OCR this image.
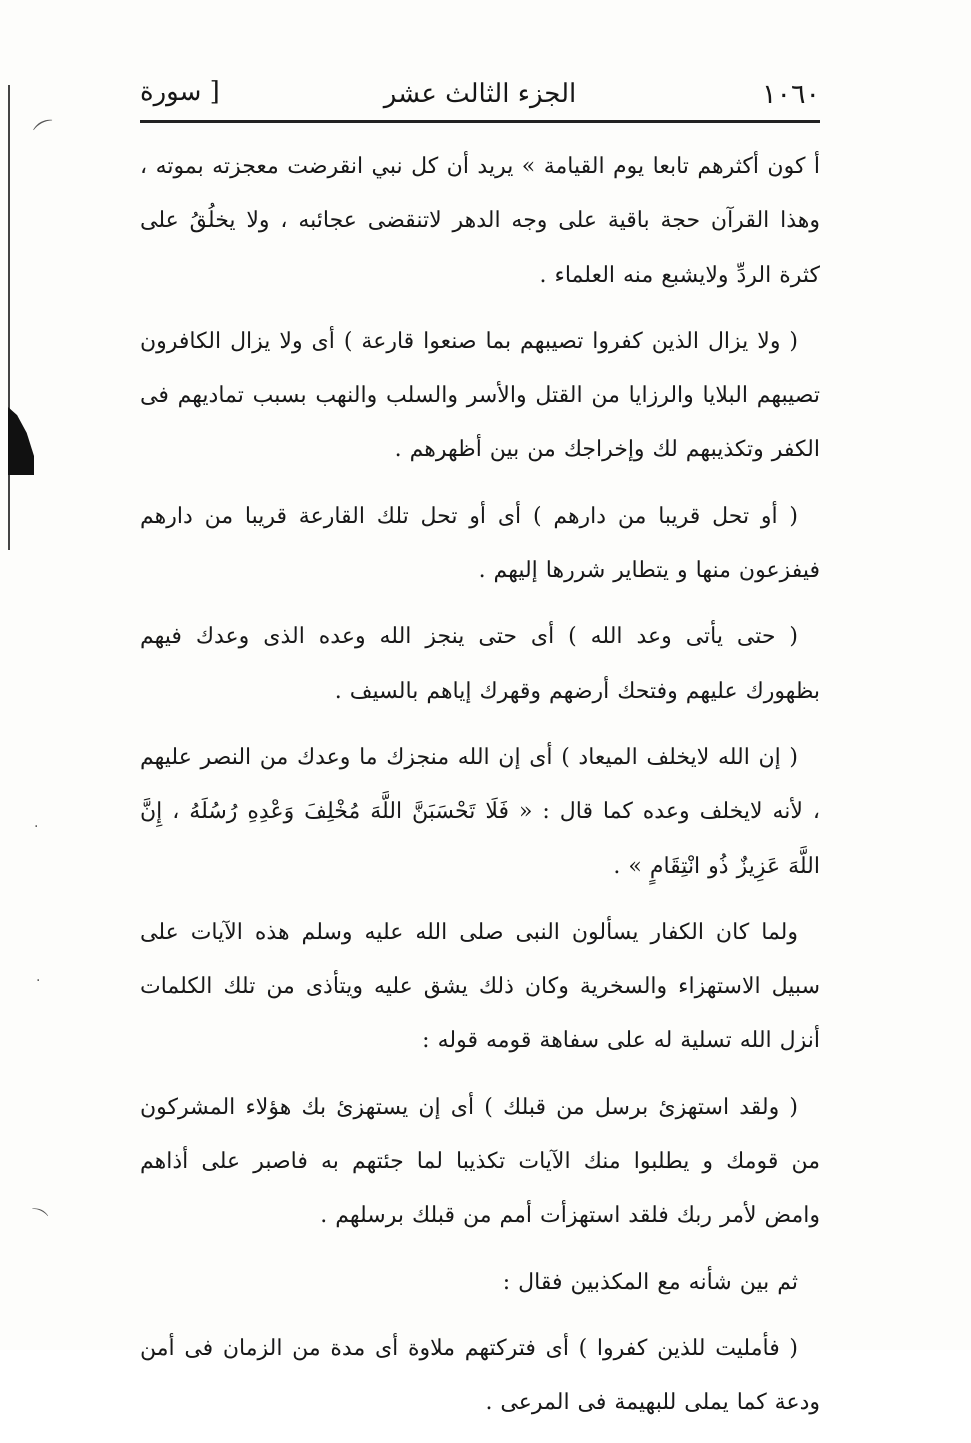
⌒
·
·
⌒
١٠٦٠
الجزء الثالث عشر
[ سورة

أ كون أكثرهم تابعا يوم القيامة » يريد أن كل نبي انقرضت معجزته بموته ، وهذا القرآن حجة باقية على وجه الدهر لاتنقضى عجائبه ، ولا يخلُقُ على كثرة الردِّ ولايشبع منه العلماء .

( ولا يزال الذين كفروا تصيبهم بما صنعوا قارعة ) أى ولا يزال الكافرون تصيبهم البلايا والرزايا من القتل والأسر والسلب والنهب بسبب تماديهم فى الكفر وتكذيبهم لك وإخراجك من بين أظهرهم .

( أو تحل قريبا من دارهم ) أى أو تحل تلك القارعة قريبا من دارهم فيفزعون منها و يتطاير شررها إليهم .

( حتى يأتى وعد الله ) أى حتى ينجز الله وعده الذى وعدك فيهم بظهورك عليهم وفتحك أرضهم وقهرك إياهم بالسيف .

( إن الله لايخلف الميعاد ) أى إن الله منجزك ما وعدك من النصر عليهم ، لأنه لايخلف وعده كما قال : « فَلَا تَحْسَبَنَّ اللَّهَ مُخْلِفَ وَعْدِهِ رُسُلَهُ ، إِنَّ اللَّهَ عَزِيزٌ ذُو انْتِقَامٍ » .

ولما كان الكفار يسألون النبى صلى الله عليه وسلم هذه الآيات على سبيل الاستهزاء والسخرية وكان ذلك يشق عليه ويتأذى من تلك الكلمات أنزل الله تسلية له على سفاهة قومه قوله :

( ولقد استهزئ برسل من قبلك ) أى إن يستهزئ بك هؤلاء المشركون من قومك و يطلبوا منك الآيات تكذيبا لما جئتهم به فاصبر على أذاهم وامض لأمر ربك فلقد استهزأت أمم من قبلك برسلهم .

ثم بين شأنه مع المكذبين فقال :

( فأمليت للذين كفروا ) أى فتركتهم ملاوة أى مدة من الزمان فى أمن ودعة كما يملى للبهيمة فى المرعى .
